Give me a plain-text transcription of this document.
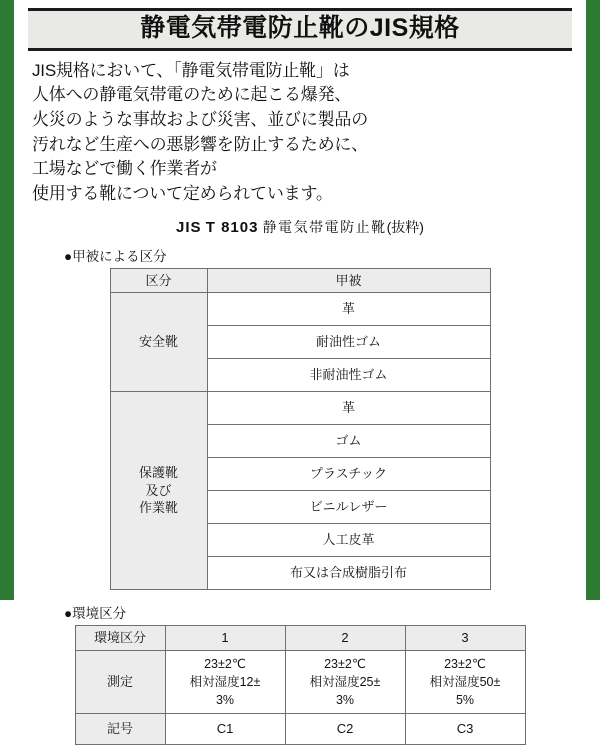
静電気帯電防止靴のJIS規格

JIS規格において、「静電気帯電防止靴」は

人体への静電気帯電のために起こる爆発、

火災のような事故および災害、並びに製品の

汚れなど生産への悪影響を防止するために、

工場などで働く作業者が

使用する靴について定められています。

JIS T 8103 静電気帯電防止靴(抜粋)
●甲被による区分
区分	甲被
安全靴	革
	耐油性ゴム
	非耐油性ゴム

保護靴
及び
作業靴	革
	ゴム
	プラスチック
	ビニルレザー
	人工皮革
	布又は合成樹脂引布
●環境区分
環境区分	1	2	3
測定	23±2℃
相対湿度12±
3%	23±2℃
相対湿度25±
3%	23±2℃
相対湿度50±
5%

記号	C1	C2	C3
